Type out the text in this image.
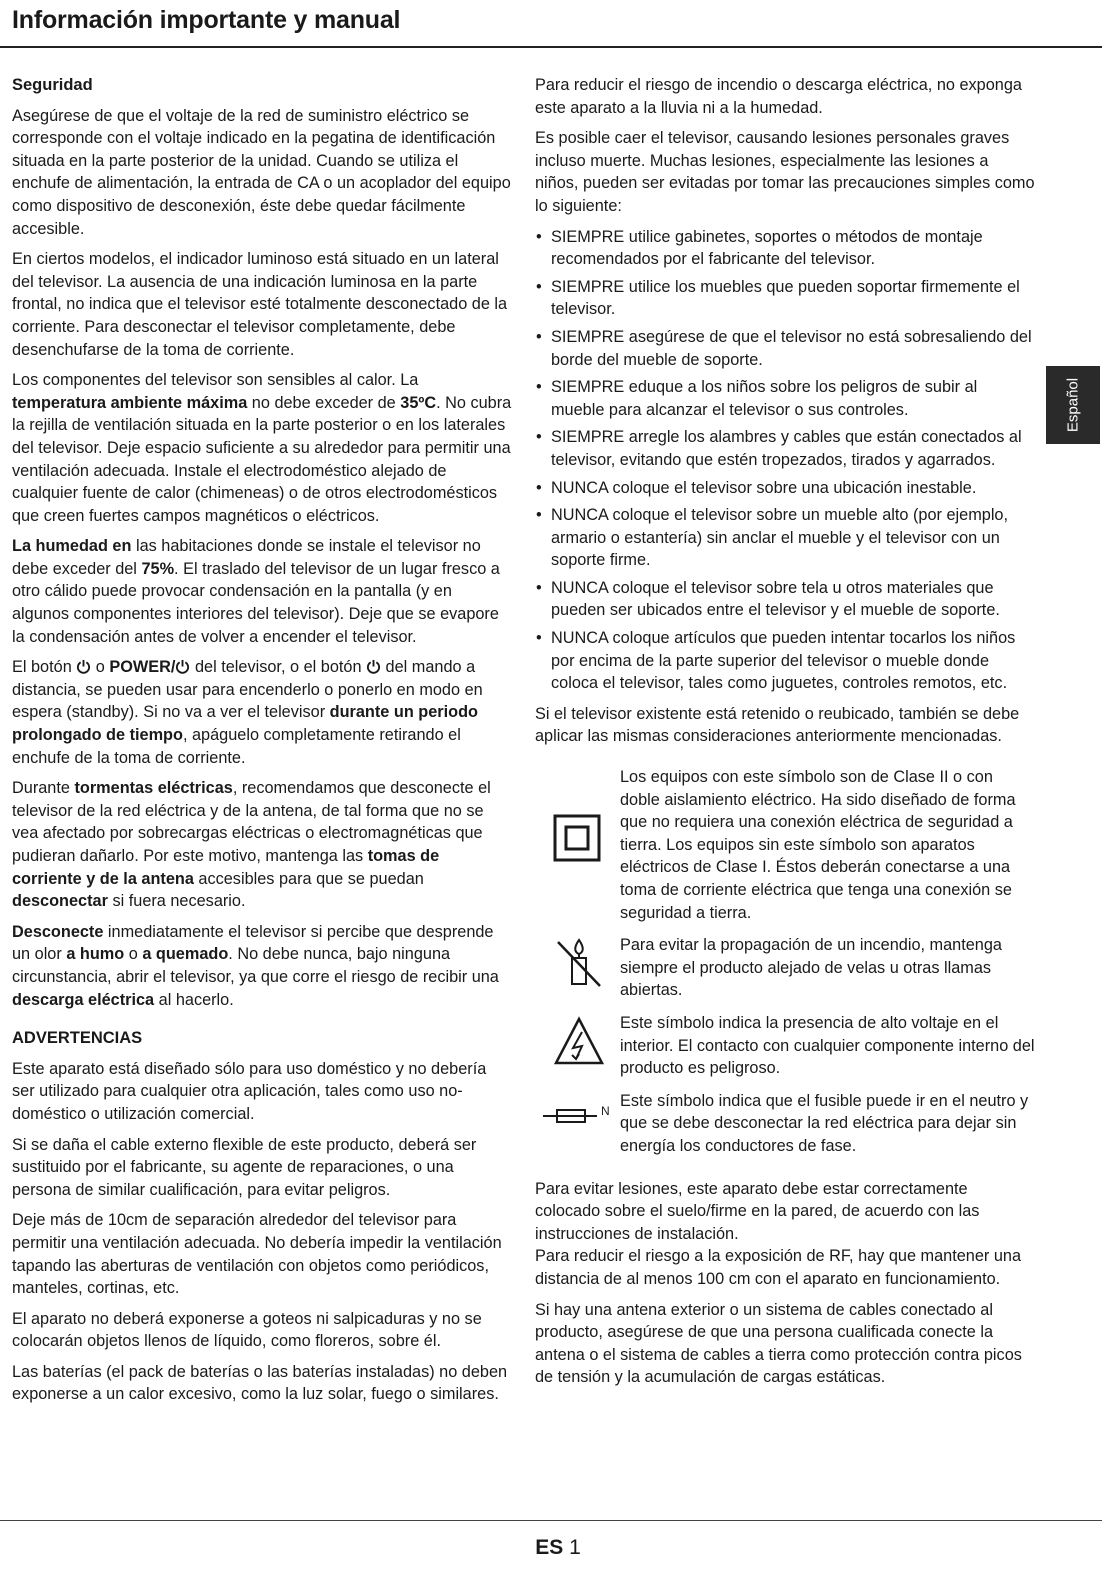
Información importante y manual
Español

Seguridad

Asegúrese de que el voltaje de la red de suministro eléctrico se corresponde con el voltaje indicado en la pegatina de identificación situada en la parte posterior de la unidad. Cuando se utiliza el enchufe de alimentación, la entrada de CA o un acoplador del equipo como dispositivo de desconexión, éste debe quedar fácilmente accesible.

En ciertos modelos, el indicador luminoso está situado en un lateral del televisor. La ausencia de una indicación luminosa en la parte frontal, no indica que el televisor esté totalmente desconectado de la corriente. Para desconectar el televisor completamente, debe desenchufarse de la toma de corriente.

Los componentes del televisor son sensibles al calor. La temperatura ambiente máxima no debe exceder de 35ºC. No cubra la rejilla de ventilación situada en la parte posterior o en los laterales del televisor. Deje espacio suficiente a su alrededor para permitir una ventilación adecuada. Instale el electrodoméstico alejado de cualquier fuente de calor (chimeneas) o de otros electrodomésticos que creen fuertes campos magnéticos o eléctricos.

La humedad en las habitaciones donde se instale el televisor no debe exceder del 75%. El traslado del televisor de un lugar fresco a otro cálido puede provocar condensación en la pantalla (y en algunos componentes interiores del televisor). Deje que se evapore la condensación antes de volver a encender el televisor.

El botón  o POWER/ del televisor, o el botón  del mando a distancia, se pueden usar para encenderlo o ponerlo en modo en espera (standby). Si no va a ver el televisor durante un periodo prolongado de tiempo, apáguelo completamente retirando el enchufe de la toma de corriente.

Durante tormentas eléctricas, recomendamos que desconecte el televisor de la red eléctrica y de la antena, de tal forma que no se vea afectado por sobrecargas eléctricas o electromagnéticas que pudieran dañarlo. Por este motivo, mantenga las tomas de corriente y de la antena accesibles para que se puedan desconectar si fuera necesario.

Desconecte inmediatamente el televisor si percibe que desprende un olor a humo o a quemado. No debe nunca, bajo ninguna circunstancia, abrir el televisor, ya que corre el riesgo de recibir una descarga eléctrica al hacerlo.

ADVERTENCIAS

Este aparato está diseñado sólo para uso doméstico y no debería ser utilizado para cualquier otra aplicación, tales como uso no-doméstico o utilización comercial.

Si se daña el cable externo flexible de este producto, deberá ser sustituido por el fabricante, su agente de reparaciones, o una persona de similar cualificación, para evitar peligros.

Deje más de 10cm de separación alrededor del televisor para permitir una ventilación adecuada. No debería impedir la ventilación tapando las aberturas de ventilación con objetos como periódicos, manteles, cortinas, etc.

El aparato no deberá exponerse a goteos ni salpicaduras y no se colocarán objetos llenos de líquido, como floreros, sobre él.

Las baterías (el pack de baterías o las baterías instaladas) no deben exponerse a un calor excesivo, como la luz solar, fuego o similares.

Para reducir el riesgo de incendio o descarga eléctrica, no exponga este aparato a la lluvia ni a la humedad.

Es posible caer el televisor, causando lesiones personales graves incluso muerte. Muchas lesiones, especialmente las lesiones a niños, pueden ser evitadas por tomar las precauciones simples como lo siguiente:

• SIEMPRE utilice gabinetes, soportes o métodos de montaje recomendados por el fabricante del televisor.
• SIEMPRE utilice los muebles que pueden soportar firmemente el televisor.
• SIEMPRE asegúrese de que el televisor no está sobresaliendo del borde del mueble de soporte.
• SIEMPRE eduque a los niños sobre los peligros de subir al mueble para alcanzar el televisor o sus controles.
• SIEMPRE arregle los alambres y cables que están conectados al televisor, evitando que estén tropezados, tirados y agarrados.
• NUNCA coloque el televisor sobre una ubicación inestable.
• NUNCA coloque el televisor sobre un mueble alto (por ejemplo, armario o estantería) sin anclar el mueble y el televisor con un soporte firme.
• NUNCA coloque el televisor sobre tela u otros materiales que pueden ser ubicados entre el televisor y el mueble de soporte.
• NUNCA coloque artículos que pueden intentar tocarlos los niños por encima de la parte superior del televisor o mueble donde coloca el televisor, tales como juguetes, controles remotos, etc.

Si el televisor existente está retenido o reubicado, también se debe aplicar las mismas consideraciones anteriormente mencionadas.

Los equipos con este símbolo son de Clase II o con doble aislamiento eléctrico. Ha sido diseñado de forma que no requiera una conexión eléctrica de seguridad a tierra. Los equipos sin este símbolo son aparatos eléctricos de Clase I. Éstos deberán conectarse a una toma de corriente eléctrica que tenga una conexión se seguridad a tierra.
Para evitar la propagación de un incendio, mantenga siempre el producto alejado de velas u otras llamas abiertas.
Este símbolo indica la presencia de alto voltaje en el interior. El contacto con cualquier componente interno del producto es peligroso.
N
Este símbolo indica que el fusible puede ir en el neutro y que se debe desconectar la red eléctrica para dejar sin energía los conductores de fase.

Para evitar lesiones, este aparato debe estar correctamente colocado sobre el suelo/firme en la pared, de acuerdo con las instrucciones de instalación.

Para reducir el riesgo a la exposición de RF, hay que mantener una distancia de al menos 100 cm con el aparato en funcionamiento.

Si hay una antena exterior o un sistema de cables conectado al producto, asegúrese de que una persona cualificada conecte la antena o el sistema de cables a tierra como protección contra picos de tensión y la acumulación de cargas estáticas.

ES 1
